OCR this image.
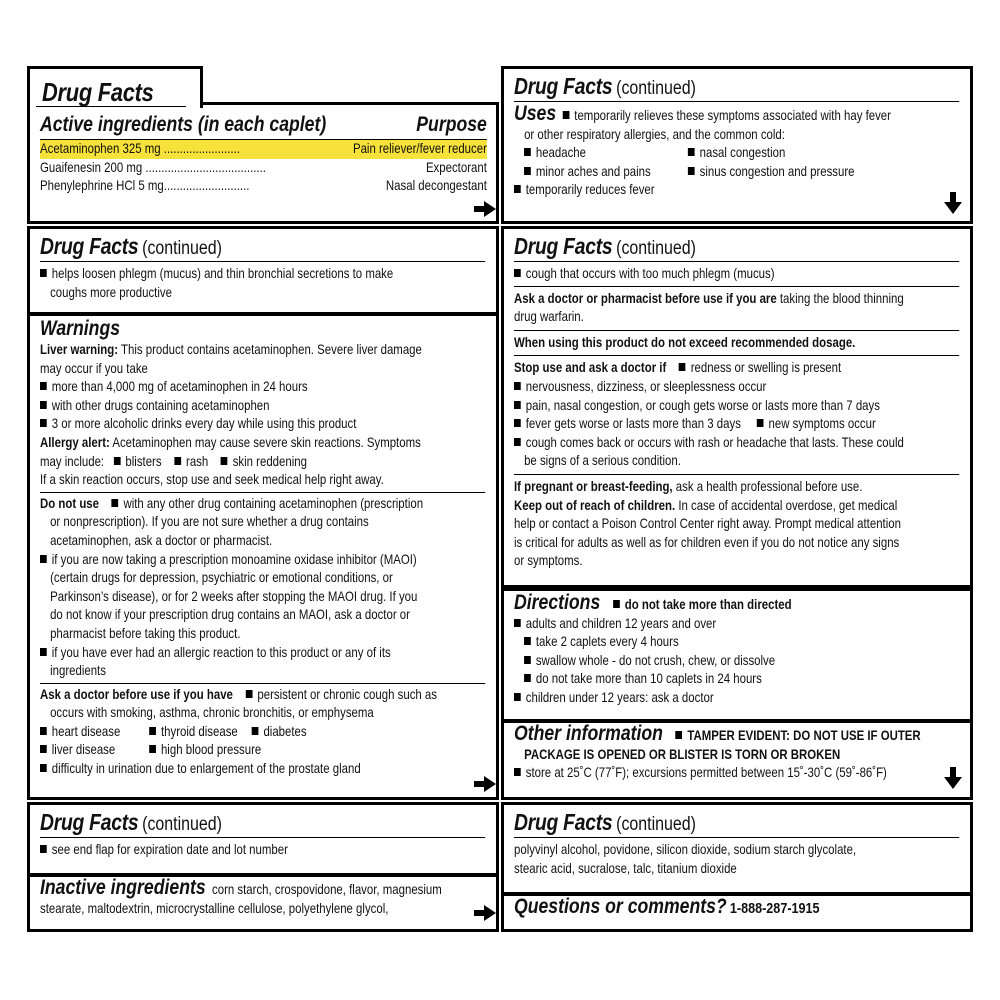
Active ingredients (in each caplet)	Purpose
Acetaminophen 325 mg ........................	Pain reliever/fever reducer
Guaifenesin 200 mg ......................................	Expectorant
Phenylephrine HCl 5 mg...........................	Nasal decongestant
Drug Facts	Drug Facts (continued)
Uses temporarily relieves these symptoms associated with hay fever
or other respiratory allergies, and the common cold:
headache	nasal congestion
minor aches and pains	sinus congestion and pressure
temporarily reduces fever
Drug Facts (continued)
helps loosen phlegm (mucus) and thin bronchial secretions to make
coughs more productive
Warnings
Liver warning: This product contains acetaminophen. Severe liver damage
may occur if you take
more than 4,000 mg of acetaminophen in 24 hours
with other drugs containing acetaminophen
3 or more alcoholic drinks every day while using this product
Allergy alert: Acetaminophen may cause severe skin reactions. Symptoms
may include: blisters rash skin reddening
If a skin reaction occurs, stop use and seek medical help right away.
Do not use with any other drug containing acetaminophen (prescription
or nonprescription). If you are not sure whether a drug contains
acetaminophen, ask a doctor or pharmacist.
if you are now taking a prescription monoamine oxidase inhibitor (MAOI)
(certain drugs for depression, psychiatric or emotional conditions, or
Parkinson’s disease), or for 2 weeks after stopping the MAOI drug. If you
do not know if your prescription drug contains an MAOI, ask a doctor or
pharmacist before taking this product.
if you have ever had an allergic reaction to this product or any of its
ingredients
Ask a doctor before use if you have persistent or chronic cough such as
occurs with smoking, asthma, chronic bronchitis, or emphysema
heart disease	thyroid disease	diabetes
liver disease	high blood pressure
difficulty in urination due to enlargement of the prostate gland
Drug Facts (continued)
cough that occurs with too much phlegm (mucus)
Ask a doctor or pharmacist before use if you are taking the blood thinning
drug warfarin.
When using this product do not exceed recommended dosage.
Stop use and ask a doctor if redness or swelling is present
nervousness, dizziness, or sleeplessness occur
pain, nasal congestion, or cough gets worse or lasts more than 7 days
fever gets worse or lasts more than 3 days new symptoms occur
cough comes back or occurs with rash or headache that lasts. These could
be signs of a serious condition.
If pregnant or breast-feeding, ask a health professional before use.
Keep out of reach of children. In case of accidental overdose, get medical
help or contact a Poison Control Center right away. Prompt medical attention
is critical for adults as well as for children even if you do not notice any signs
or symptoms.
Directions do not take more than directed
adults and children 12 years and over
take 2 caplets every 4 hours
swallow whole - do not crush, chew, or dissolve
do not take more than 10 caplets in 24 hours
children under 12 years: ask a doctor
Other information TAMPER EVIDENT: DO NOT USE IF OUTER
PACKAGE IS OPENED OR BLISTER IS TORN OR BROKEN
store at 25˚C (77˚F); excursions permitted between 15˚-30˚C (59˚-86˚F)
Drug Facts (continued)
see end flap for expiration date and lot number
Inactive ingredients corn starch, crospovidone, flavor, magnesium
stearate, maltodextrin, microcrystalline cellulose, polyethylene glycol,
Drug Facts (continued)
polyvinyl alcohol, povidone, silicon dioxide, sodium starch glycolate,
stearic acid, sucralose, talc, titanium dioxide
Questions or comments? 1-888-287-1915
